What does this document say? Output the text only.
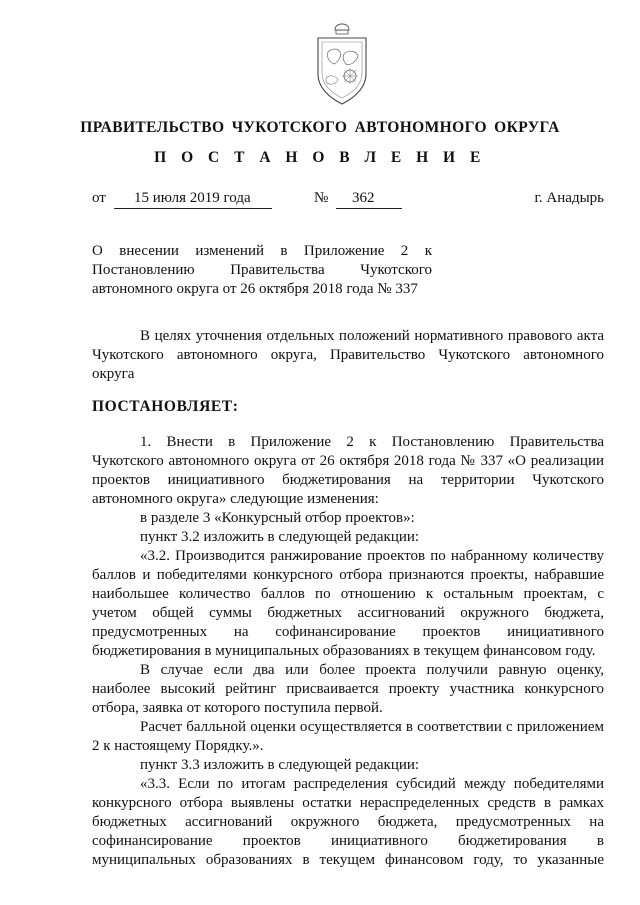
ПРАВИТЕЛЬСТВО ЧУКОТСКОГО АВТОНОМНОГО ОКРУГА
П О С Т А Н О В Л Е Н И Е
от	15 июля 2019 года	№	362	г. Анадырь
О внесении изменений в Приложение 2 к
Постановлению Правительства Чукотского
автономного округа от 26 октября 2018 года № 337
В целях уточнения отдельных положений нормативного правового акта
Чукотского автономного округа, Правительство Чукотского автономного
округа
ПОСТАНОВЛЯЕТ:
1. Внести в Приложение 2 к Постановлению Правительства
Чукотского автономного округа от 26 октября 2018 года № 337 «О реализации
проектов инициативного бюджетирования на территории Чукотского
автономного округа» следующие изменения:
в разделе 3 «Конкурсный отбор проектов»:
пункт 3.2 изложить в следующей редакции:
«3.2. Производится ранжирование проектов по набранному количеству
баллов и победителями конкурсного отбора признаются проекты, набравшие
наибольшее количество баллов по отношению к остальным проектам, с
учетом общей суммы бюджетных ассигнований окружного бюджета,
предусмотренных на софинансирование проектов инициативного
бюджетирования в муниципальных образованиях в текущем финансовом году.
В случае если два или более проекта получили равную оценку,
наиболее высокий рейтинг присваивается проекту участника конкурсного
отбора, заявка от которого поступила первой.
Расчет балльной оценки осуществляется в соответствии с приложением
2 к настоящему Порядку.».
пункт 3.3 изложить в следующей редакции:
«3.3. Если по итогам распределения субсидий между победителями
конкурсного отбора выявлены остатки нераспределенных средств в рамках
бюджетных ассигнований окружного бюджета, предусмотренных на
софинансирование проектов инициативного бюджетирования в
муниципальных образованиях в текущем финансовом году, то указанные
